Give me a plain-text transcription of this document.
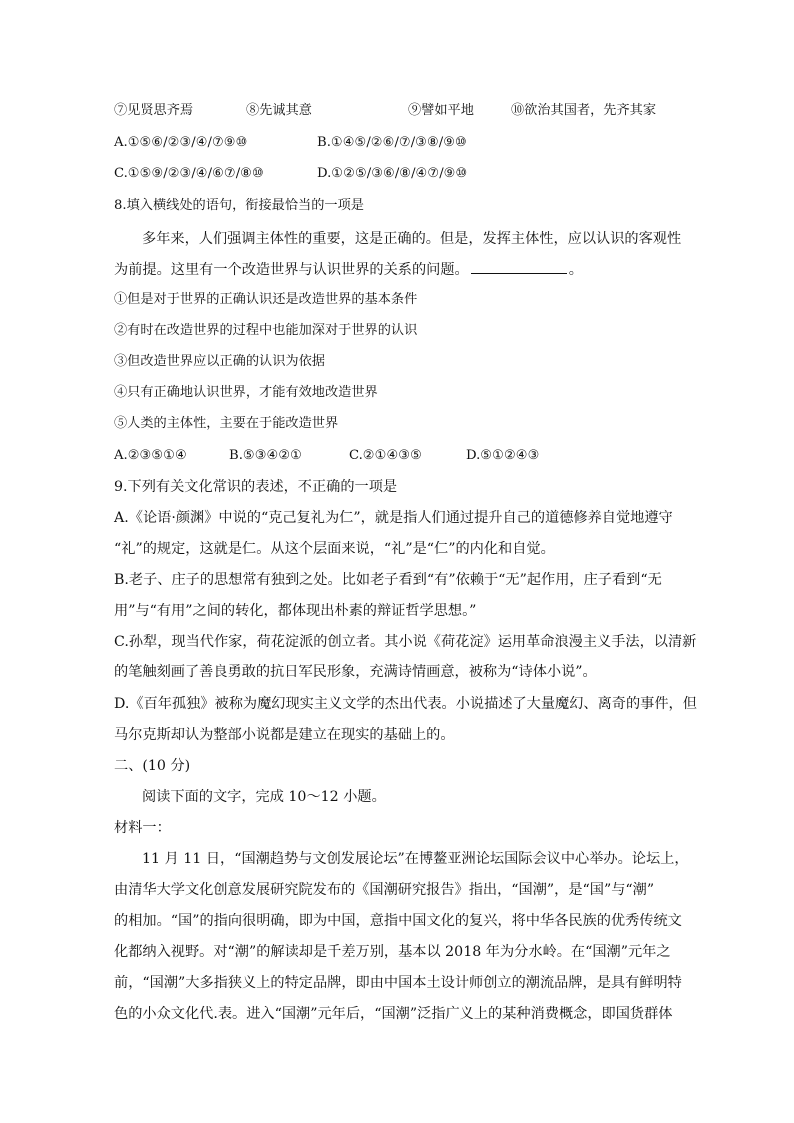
⑦见贤思齐焉	⑧先诚其意	⑨譬如平地	⑩欲治其国者，先齐其家
A.①⑤⑥/②③/④/⑦⑨⑩	B.①④⑤/②⑥/⑦/③⑧/⑨⑩
C.①⑤⑨/②③/④/⑥⑦/⑧⑩	D.①②⑤/③⑥/⑧/④⑦/⑨⑩
8.填入横线处的语句，衔接最恰当的一项是
多年来，人们强调主体性的重要，这是正确的。但是，发挥主体性，应以认识的客观性
为前提。这里有一个改造世界与认识世界的关系的问题。	。
①但是对于世界的正确认识还是改造世界的基本条件
②有时在改造世界的过程中也能加深对于世界的认识
③但改造世界应以正确的认识为依据
④只有正确地认识世界，才能有效地改造世界
⑤人类的主体性，主要在于能改造世界
A.②③⑤①④	B.⑤③④②①	C.②①④③⑤	D.⑤①②④③
9.下列有关文化常识的表述，不正确的一项是
A.《论语·颜渊》中说的“克己复礼为仁”，就是指人们通过提升自己的道德修养自觉地遵守
“礼”的规定，这就是仁。从这个层面来说，“礼”是“仁”的内化和自觉。
B.老子、庄子的思想常有独到之处。比如老子看到“有”依赖于“无”起作用，庄子看到“无
用”与“有用”之间的转化，都体现出朴素的辩证哲学思想。”
C.孙犁，现当代作家，荷花淀派的创立者。其小说《荷花淀》运用革命浪漫主义手法，以清新
的笔触刻画了善良勇敢的抗日军民形象，充满诗情画意，被称为“诗体小说”。
D.《百年孤独》被称为魔幻现实主义文学的杰出代表。小说描述了大量魔幻、离奇的事件，但
马尔克斯却认为整部小说都是建立在现实的基础上的。
二、(10 分)
阅读下面的文字，完成 10～12 小题。
材料一：
11 月 11 日，“国潮趋势与文创发展论坛”在博鳌亚洲论坛国际会议中心举办。论坛上，
由清华大学文化创意发展研究院发布的《国潮研究报告》指出，“国潮”，是“国”与“潮”
的相加。“国”的指向很明确，即为中国，意指中国文化的复兴，将中华各民族的优秀传统文
化都纳入视野。对“潮”的解读却是千差万别，基本以 2018 年为分水岭。在“国潮”元年之
前，“国潮”大多指狭义上的特定品牌，即由中国本土设计师创立的潮流品牌，是具有鲜明特
色的小众文化代.表。进入“国潮”元年后，“国潮”泛指广义上的某种消费概念，即国货群体
